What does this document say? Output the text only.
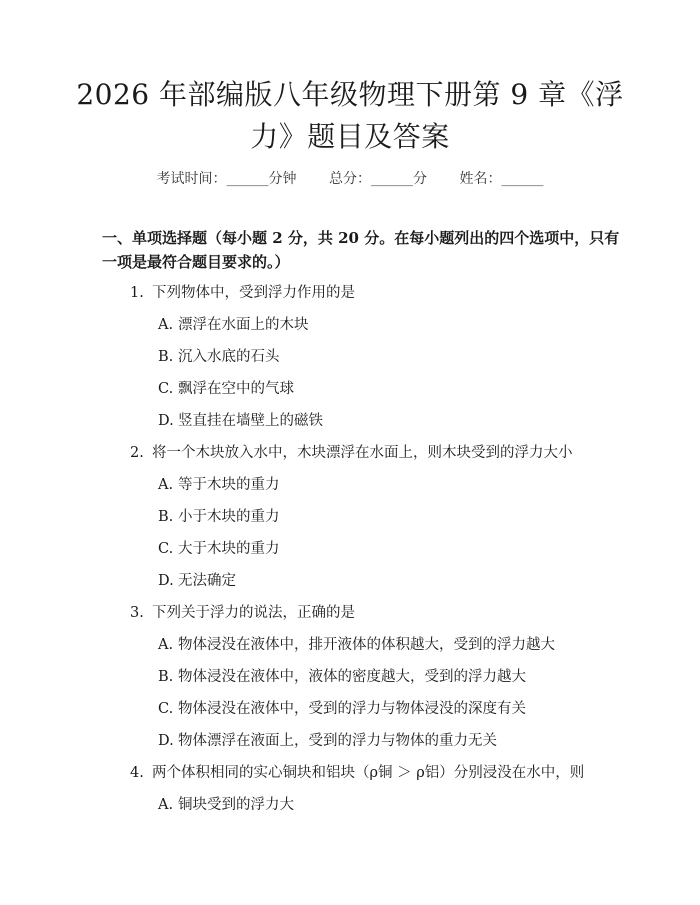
2026 年部编版八年级物理下册第 9 章《浮
力》题目及答案
考试时间：______分钟 总分：______分 姓名：______
一、单项选择题（每小题 2 分，共 20 分。在每小题列出的四个选项中，只有一项是最符合题目要求的。）
1. 下列物体中，受到浮力作用的是
A. 漂浮在水面上的木块
B. 沉入水底的石头
C. 飘浮在空中的气球
D. 竖直挂在墙壁上的磁铁
2. 将一个木块放入水中，木块漂浮在水面上，则木块受到的浮力大小
A. 等于木块的重力
B. 小于木块的重力
C. 大于木块的重力
D. 无法确定
3. 下列关于浮力的说法，正确的是
A. 物体浸没在液体中，排开液体的体积越大，受到的浮力越大
B. 物体浸没在液体中，液体的密度越大，受到的浮力越大
C. 物体浸没在液体中，受到的浮力与物体浸没的深度有关
D. 物体漂浮在液面上，受到的浮力与物体的重力无关
4. 两个体积相同的实心铜块和铝块（ρ铜 ＞ ρ铝）分别浸没在水中，则
A. 铜块受到的浮力大
